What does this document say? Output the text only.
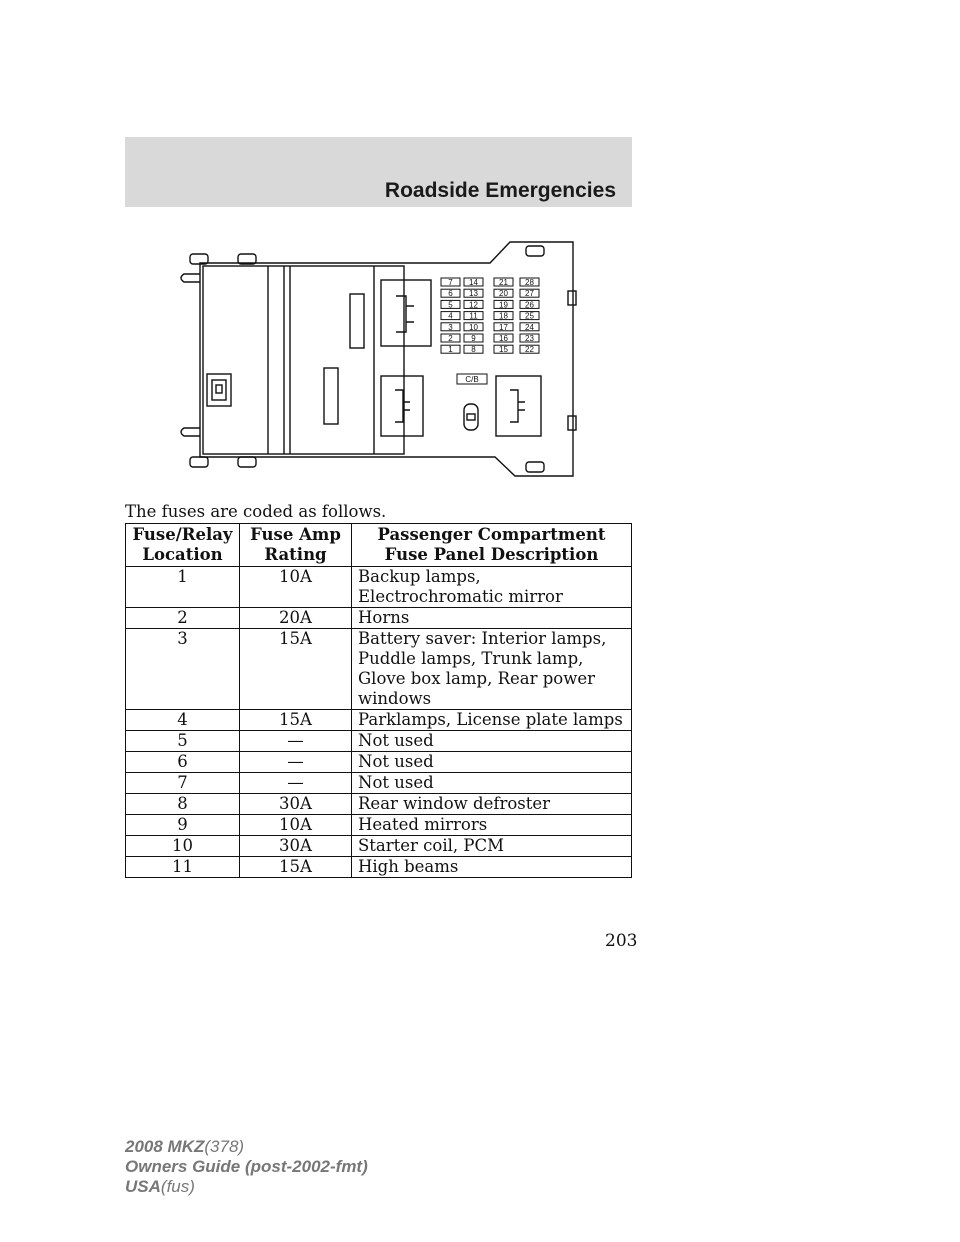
Roadside Emergencies
7
6
5
4
3
2
1
14
13
12
11
10
9
8
21
20
19
18
17
16
15
28
27
26
25
24
23
22
C/B
The fuses are coded as follows.
Fuse/Relay Location	Fuse Amp Rating	Passenger Compartment Fuse Panel Description
1	10A	Backup lamps, Electrochromatic mirror
2	20A	Horns
3	15A	Battery saver: Interior lamps, Puddle lamps, Trunk lamp, Glove box lamp, Rear power windows
4	15A	Parklamps, License plate lamps
5	—	Not used
6	—	Not used
7	—	Not used
8	30A	Rear window defroster
9	10A	Heated mirrors
10	30A	Starter coil, PCM
11	15A	High beams
203
2008 MKZ(378)
Owners Guide (post-2002-fmt)
USA(fus)
